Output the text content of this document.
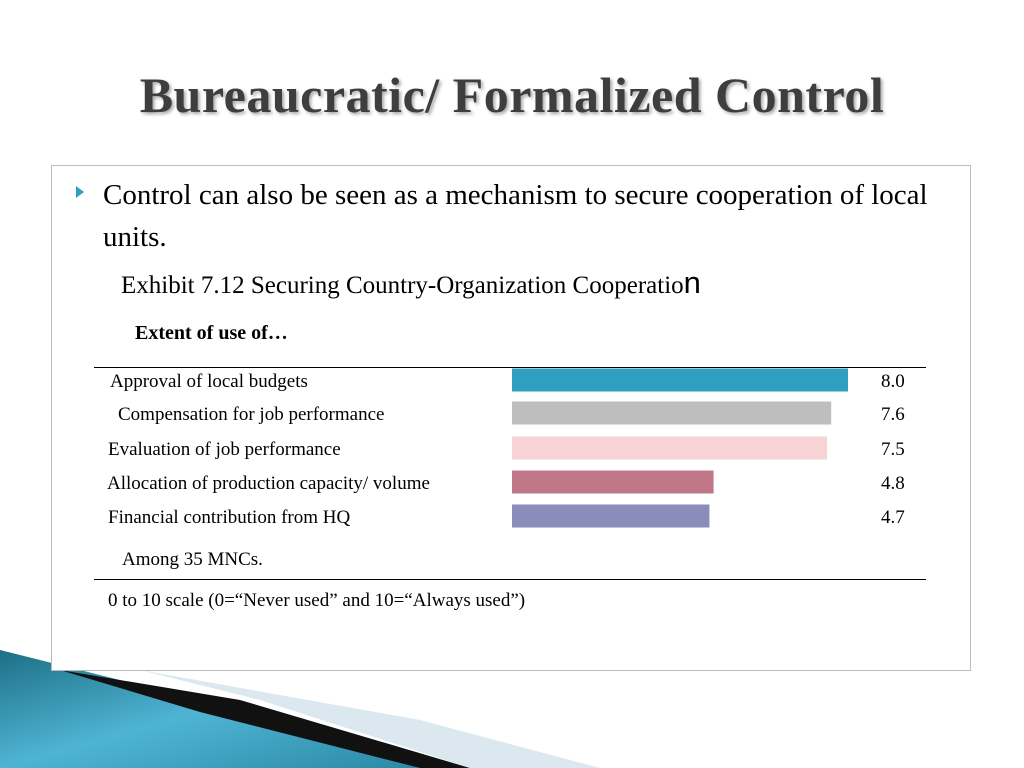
Bureaucratic/ Formalized Control
Control can also be seen as a mechanism to secure cooperation of local units.
Exhibit 7.12 Securing Country-Organization Cooperation
Extent of use of…
Approval of local budgets	8.0
Compensation for job performance	7.6
Evaluation of job performance	7.5
Allocation of production capacity/ volume	4.8
Financial contribution from HQ	4.7
Among 35 MNCs.
0 to 10 scale (0=“Never used” and 10=“Always used”)
